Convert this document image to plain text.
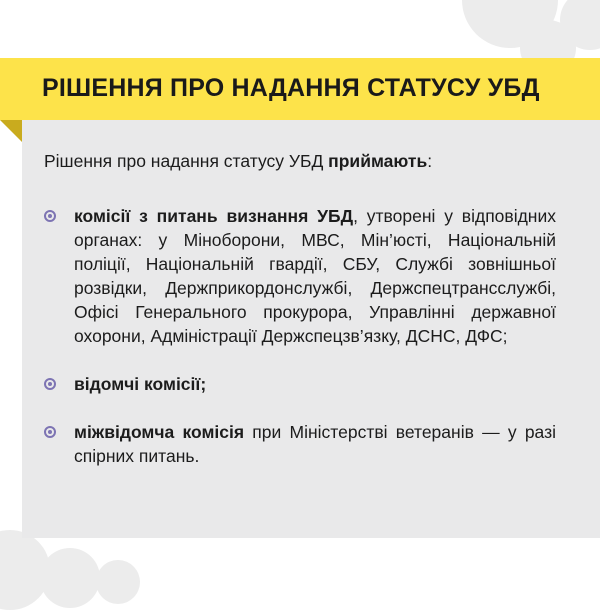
РІШЕННЯ ПРО НАДАННЯ СТАТУСУ УБД

Рішення про надання статусу УБД приймають:

комісії з питань визнання УБД, утворені у відповідних органах: у Міноборони, МВС, Мін’юсті, Національній поліції, Національній гвардії, СБУ, Службі зовнішньої розвідки, Держприкордонслужбі, Держспецтрансслужбі, Офісі Генерального прокурора, Управлінні державної охорони, Адміністрації Держспецзв’язку, ДСНС, ДФС;
відомчі комісії;
міжвідомча комісія при Міністерстві ветеранів — у разі спірних питань.
